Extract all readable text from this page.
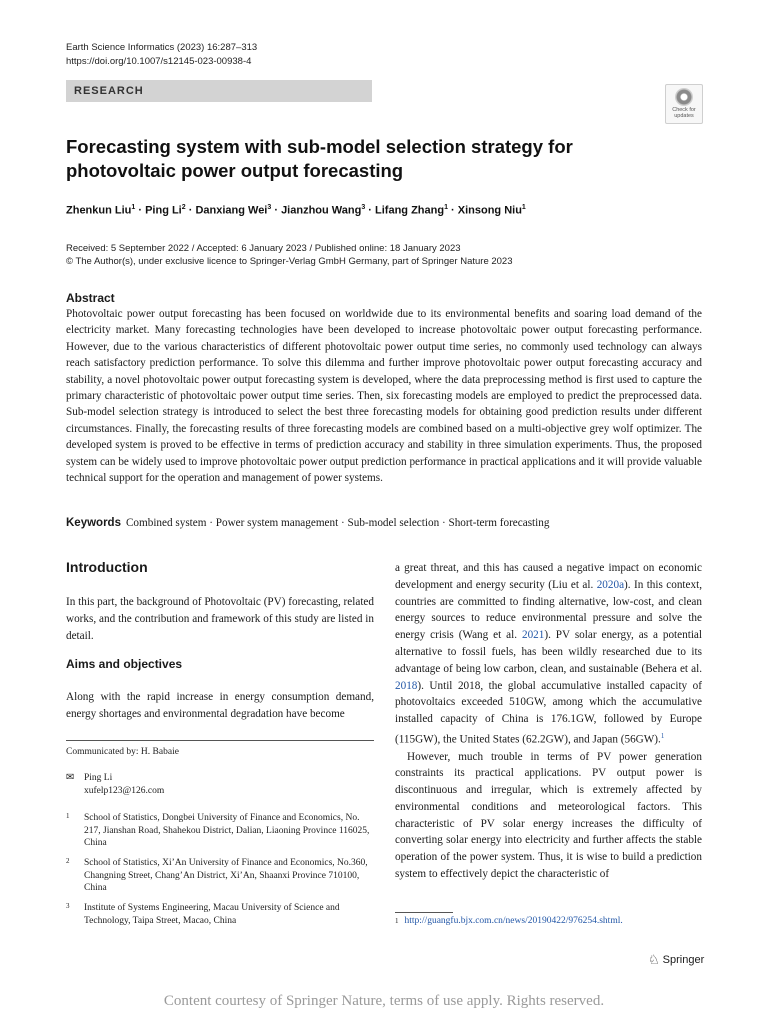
Earth Science Informatics (2023) 16:287–313
https://doi.org/10.1007/s12145-023-00938-4
RESEARCH
Check for
updates
Forecasting system with sub-model selection strategy for photovoltaic power output forecasting
Zhenkun Liu$^1$ · Ping $Li^2$ · Danxiang Wei$^3$ · Jianzhou Wang$^3$ · Lifang Zhang$^1$ · Xinsong Niu$^1$
Received: 5 September 2022 / Accepted: 6 January 2023 / Published online: 18 January 2023
© The Author(s), under exclusive licence to Springer-Verlag GmbH Germany, part of Springer Nature 2023
Abstract
Photovoltaic power output forecasting has been focused on worldwide due to its environmental benefits and soaring load demand of the electricity market. Many forecasting technologies have been developed to increase photovoltaic power output forecasting performance. However, due to the various characteristics of different photovoltaic power output time series, no commonly used technology can always reach satisfactory prediction performance. To solve this dilemma and further improve photovoltaic power output forecasting accuracy and stability, a novel photovoltaic power output forecasting system is developed, where the data preprocessing method is first used to capture the primary characteristic of photovoltaic power output time series. Then, six forecasting models are employed to predict the preprocessed data. Sub-model selection strategy is introduced to select the best three forecasting models for obtaining good prediction results under different circumstances. Finally, the forecasting results of three forecasting models are combined based on a multi-objective grey wolf optimizer. The developed system is proved to be effective in terms of prediction accuracy and stability in three simulation experiments. Thus, the proposed system can be widely used to improve photovoltaic power output prediction performance in practical applications and it will provide valuable technical support for the operation and management of power systems.
Keywords Combined system · Power system management · Sub-model selection · Short-term forecasting
Introduction
In this part, the background of Photovoltaic (PV) forecasting, related works, and the contribution and framework of this study are listed in detail.
Aims and objectives
Along with the rapid increase in energy consumption demand, energy shortages and environmental degradation have become
Communicated by: H. Babaie
✉	Ping Li
xufelp123@126.com
1 School of Statistics, Dongbei University of Finance and Economics, No. 217, Jianshan Road, Shahekou District, Dalian, Liaoning Province 116025, China
2 School of Statistics, Xi’An University of Finance and Economics, No.360, Changning Street, Chang’An District, Xi’An, Shaanxi Province 710100, China
3 Institute of Systems Engineering, Macau University of Science and Technology, Taipa Street, Macao, China

a great threat, and this has caused a negative impact on economic development and energy security (Liu et al. 2020a). In this context, countries are committed to finding alternative, low-cost, and clean energy sources to reduce environmental pressure and solve the energy crisis (Wang et al. 2021). PV solar energy, as a potential alternative to fossil fuels, has been wildly researched due to its advantage of being low carbon, clean, and sustainable (Behera et al. 2018). Until 2018, the global accumulative installed capacity of photovoltaics exceeded 510GW, among which the accumulative installed capacity of China is 176.1GW, followed by Europe (115GW), the United States (62.2GW), and Japan (56GW).$^1$

However, much trouble in terms of PV power generation constraints its practical applications. PV output power is discontinuous and irregular, which is extremely affected by environmental conditions and meteorological factors. This characteristic of PV solar energy increases the difficulty of converting solar energy into electricity and further affects the stable operation of the power system. Thus, it is wise to build a prediction system to effectively depict the characteristic of

1 http://guangfu.bjx.com.cn/news/20190422/976254.shtml.
♘ Springer
Content courtesy of Springer Nature, terms of use apply. Rights reserved.
